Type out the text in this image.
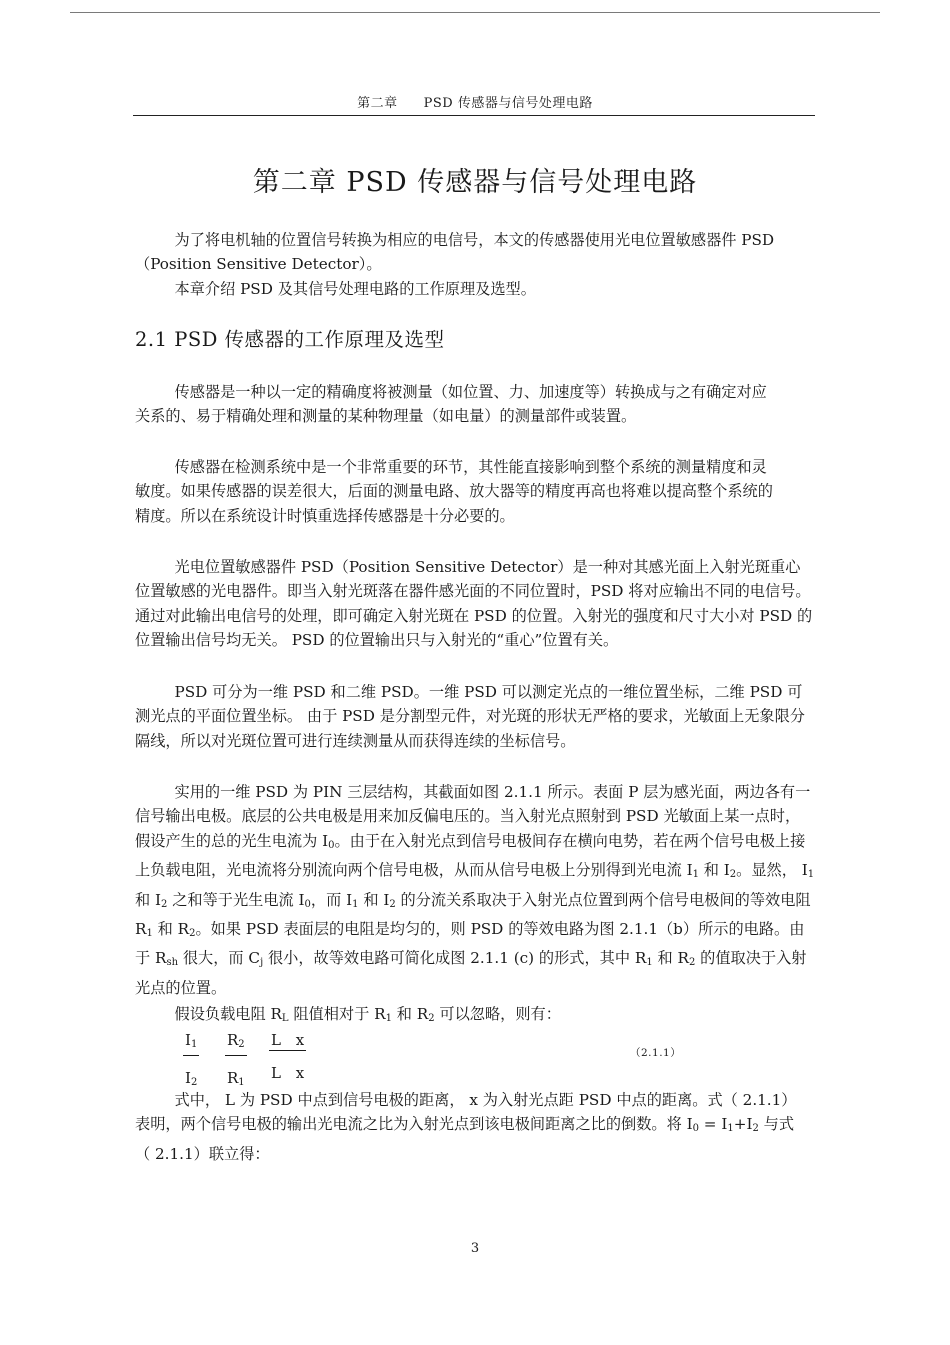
第二章 PSD 传感器与信号处理电路
第二章 PSD 传感器与信号处理电路

为了将电机轴的位置信号转换为相应的电信号，本文的传感器使用光电位置敏感器件 PSD（Position Sensitive Detector）。

本章介绍 PSD 及其信号处理电路的工作原理及选型。

2.1 PSD 传感器的工作原理及选型

传感器是一种以一定的精确度将被测量（如位置、力、加速度等）转换成与之有确定对应关系的、易于精确处理和测量的某种物理量（如电量）的测量部件或装置。

传感器在检测系统中是一个非常重要的环节，其性能直接影响到整个系统的测量精度和灵敏度。如果传感器的误差很大，后面的测量电路、放大器等的精度再高也将难以提高整个系统的精度。所以在系统设计时慎重选择传感器是十分必要的。

光电位置敏感器件 PSD（Position Sensitive Detector）是一种对其感光面上入射光斑重心位置敏感的光电器件。即当入射光斑落在器件感光面的不同位置时，PSD 将对应输出不同的电信号。通过对此输出电信号的处理，即可确定入射光斑在 PSD 的位置。入射光的强度和尺寸大小对 PSD 的位置输出信号均无关。 PSD 的位置输出只与入射光的“重心”位置有关。

PSD 可分为一维 PSD 和二维 PSD。一维 PSD 可以测定光点的一维位置坐标，二维 PSD 可测光点的平面位置坐标。 由于 PSD 是分割型元件，对光斑的形状无严格的要求，光敏面上无象限分隔线，所以对光斑位置可进行连续测量从而获得连续的坐标信号。

实用的一维 PSD 为 PIN 三层结构，其截面如图 2.1.1 所示。表面 P 层为感光面，两边各有一信号输出电极。底层的公共电极是用来加反偏电压的。当入射光点照射到 PSD 光敏面上某一点时，假设产生的总的光生电流为 $I_0$。由于在入射光点到信号电极间存在横向电势，若在两个信号电极上接上负载电阻，光电流将分别流向两个信号电极，从而从信号电极上分别得到光电流 $I_1$ 和 $I_2$。显然， $I_1$ 和 $I_2$ 之和等于光生电流 $I_0$，而 $I_1$ 和 $I_2$ 的分流关系取决于入射光点位置到两个信号电极间的等效电阻 $R_1$ 和 $R_2$。如果 PSD 表面层的电阻是均匀的，则 PSD 的等效电路为图 2.1.1（b）所示的电路。由于 $R_{sh}$ 很大，而 $C_j$ 很小，故等效电路可简化成图 2.1.1 (c) 的形式，其中 $R_1$ 和 $R_2$ 的值取决于入射光点的位置。

假设负载电阻 $R_L$ 阻值相对于 $R_1$ 和 $R_2$ 可以忽略，则有：

$\frac{I_1}{I_2} \frac{R_2}{R_1} \frac{\text{L x}}{\text{L x}}$	（2.1.1）

式中， L 为 PSD 中点到信号电极的距离， x 为入射光点距 PSD 中点的距离。式（ 2.1.1）表明，两个信号电极的输出光电流之比为入射光点到该电极间距离之比的倒数。将 $I_0 = I_1+I_2$ 与式（ 2.1.1）联立得：

3
